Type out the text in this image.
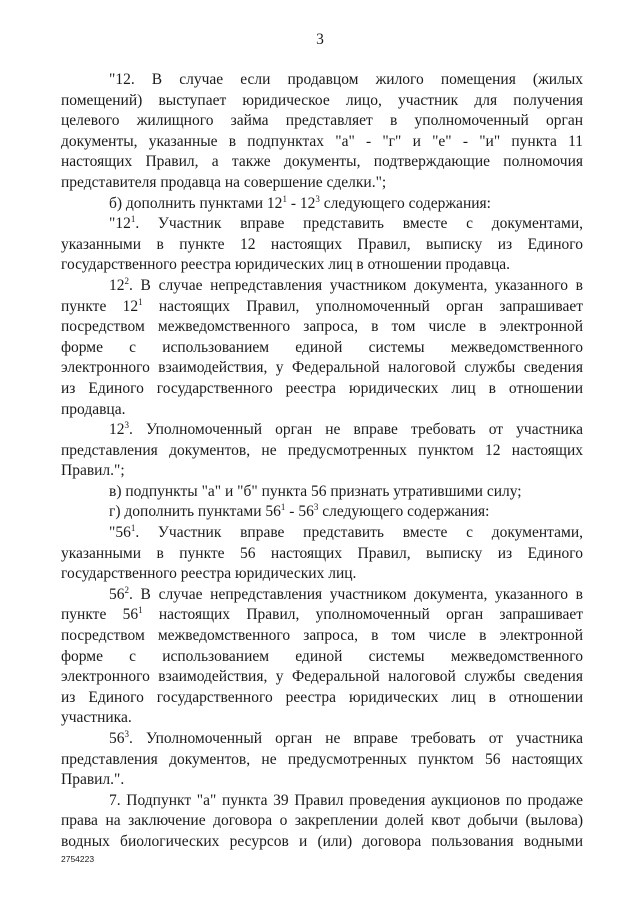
3
"12. В случае если продавцом жилого помещения (жилых
помещений) выступает юридическое лицо, участник для получения
целевого жилищного займа представляет в уполномоченный орган
документы, указанные в подпунктах "а" - "г" и "е" - "и" пункта 11
настоящих Правил, а также документы, подтверждающие полномочия
представителя продавца на совершение сделки.";
б) дополнить пунктами $12^1 - 12^3$ следующего содержания:
"$12^1$. Участник вправе представить вместе с документами,
указанными в пункте 12 настоящих Правил, выписку из Единого
государственного реестра юридических лиц в отношении продавца.
$12^2$. В случае непредставления участником документа, указанного в
пункте $12^1$ настоящих Правил, уполномоченный орган запрашивает
посредством межведомственного запроса, в том числе в электронной
форме с использованием единой системы межведомственного
электронного взаимодействия, у Федеральной налоговой службы сведения
из Единого государственного реестра юридических лиц в отношении
продавца.
$12^3$. Уполномоченный орган не вправе требовать от участника
представления документов, не предусмотренных пунктом 12 настоящих
Правил.";
в) подпункты "а" и "б" пункта 56 признать утратившими силу;
г) дополнить пунктами $56^1 - 56^3$ следующего содержания:
"$56^1$. Участник вправе представить вместе с документами,
указанными в пункте 56 настоящих Правил, выписку из Единого
государственного реестра юридических лиц.
$56^2$. В случае непредставления участником документа, указанного в
пункте $56^1$ настоящих Правил, уполномоченный орган запрашивает
посредством межведомственного запроса, в том числе в электронной
форме с использованием единой системы межведомственного
электронного взаимодействия, у Федеральной налоговой службы сведения
из Единого государственного реестра юридических лиц в отношении
участника.
$56^3$. Уполномоченный орган не вправе требовать от участника
представления документов, не предусмотренных пунктом 56 настоящих
Правил.".
7. Подпункт "а" пункта 39 Правил проведения аукционов по продаже
права на заключение договора о закреплении долей квот добычи (вылова)
водных биологических ресурсов и (или) договора пользования водными
2754223
